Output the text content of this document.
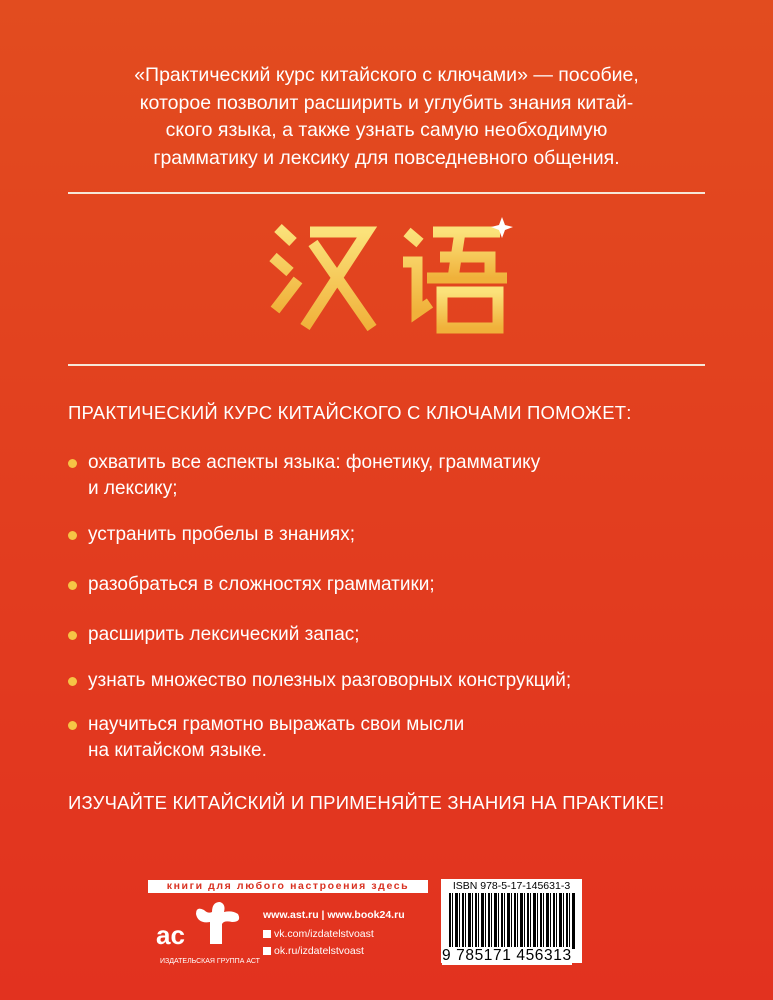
«Практический курс китайского с ключами» — пособие,
которое позволит расширить и углубить знания китай-
ского языка, а также узнать самую необходимую
грамматику и лексику для повседневного общения.
ПРАКТИЧЕСКИЙ КУРС КИТАЙСКОГО С КЛЮЧАМИ ПОМОЖЕТ:
охватить все аспекты языка: фонетику, грамматику
и лексику;
устранить пробелы в знаниях;
разобраться в сложностях грамматики;
расширить лексический запас;
узнать множество полезных разговорных конструкций;
научиться грамотно выражать свои мысли
на китайском языке.
ИЗУЧАЙТЕ КИТАЙСКИЙ И ПРИМЕНЯЙТЕ ЗНАНИЯ НА ПРАКТИКЕ!
книги для любого настроения здесь
ac
ИЗДАТЕЛЬСКАЯ ГРУППА АСТ
www.ast.ru | www.book24.ru
vk.com/izdatelstvoast
ok.ru/izdatelstvoast
ISBN 978-5-17-145631-3
9 785171 456313
